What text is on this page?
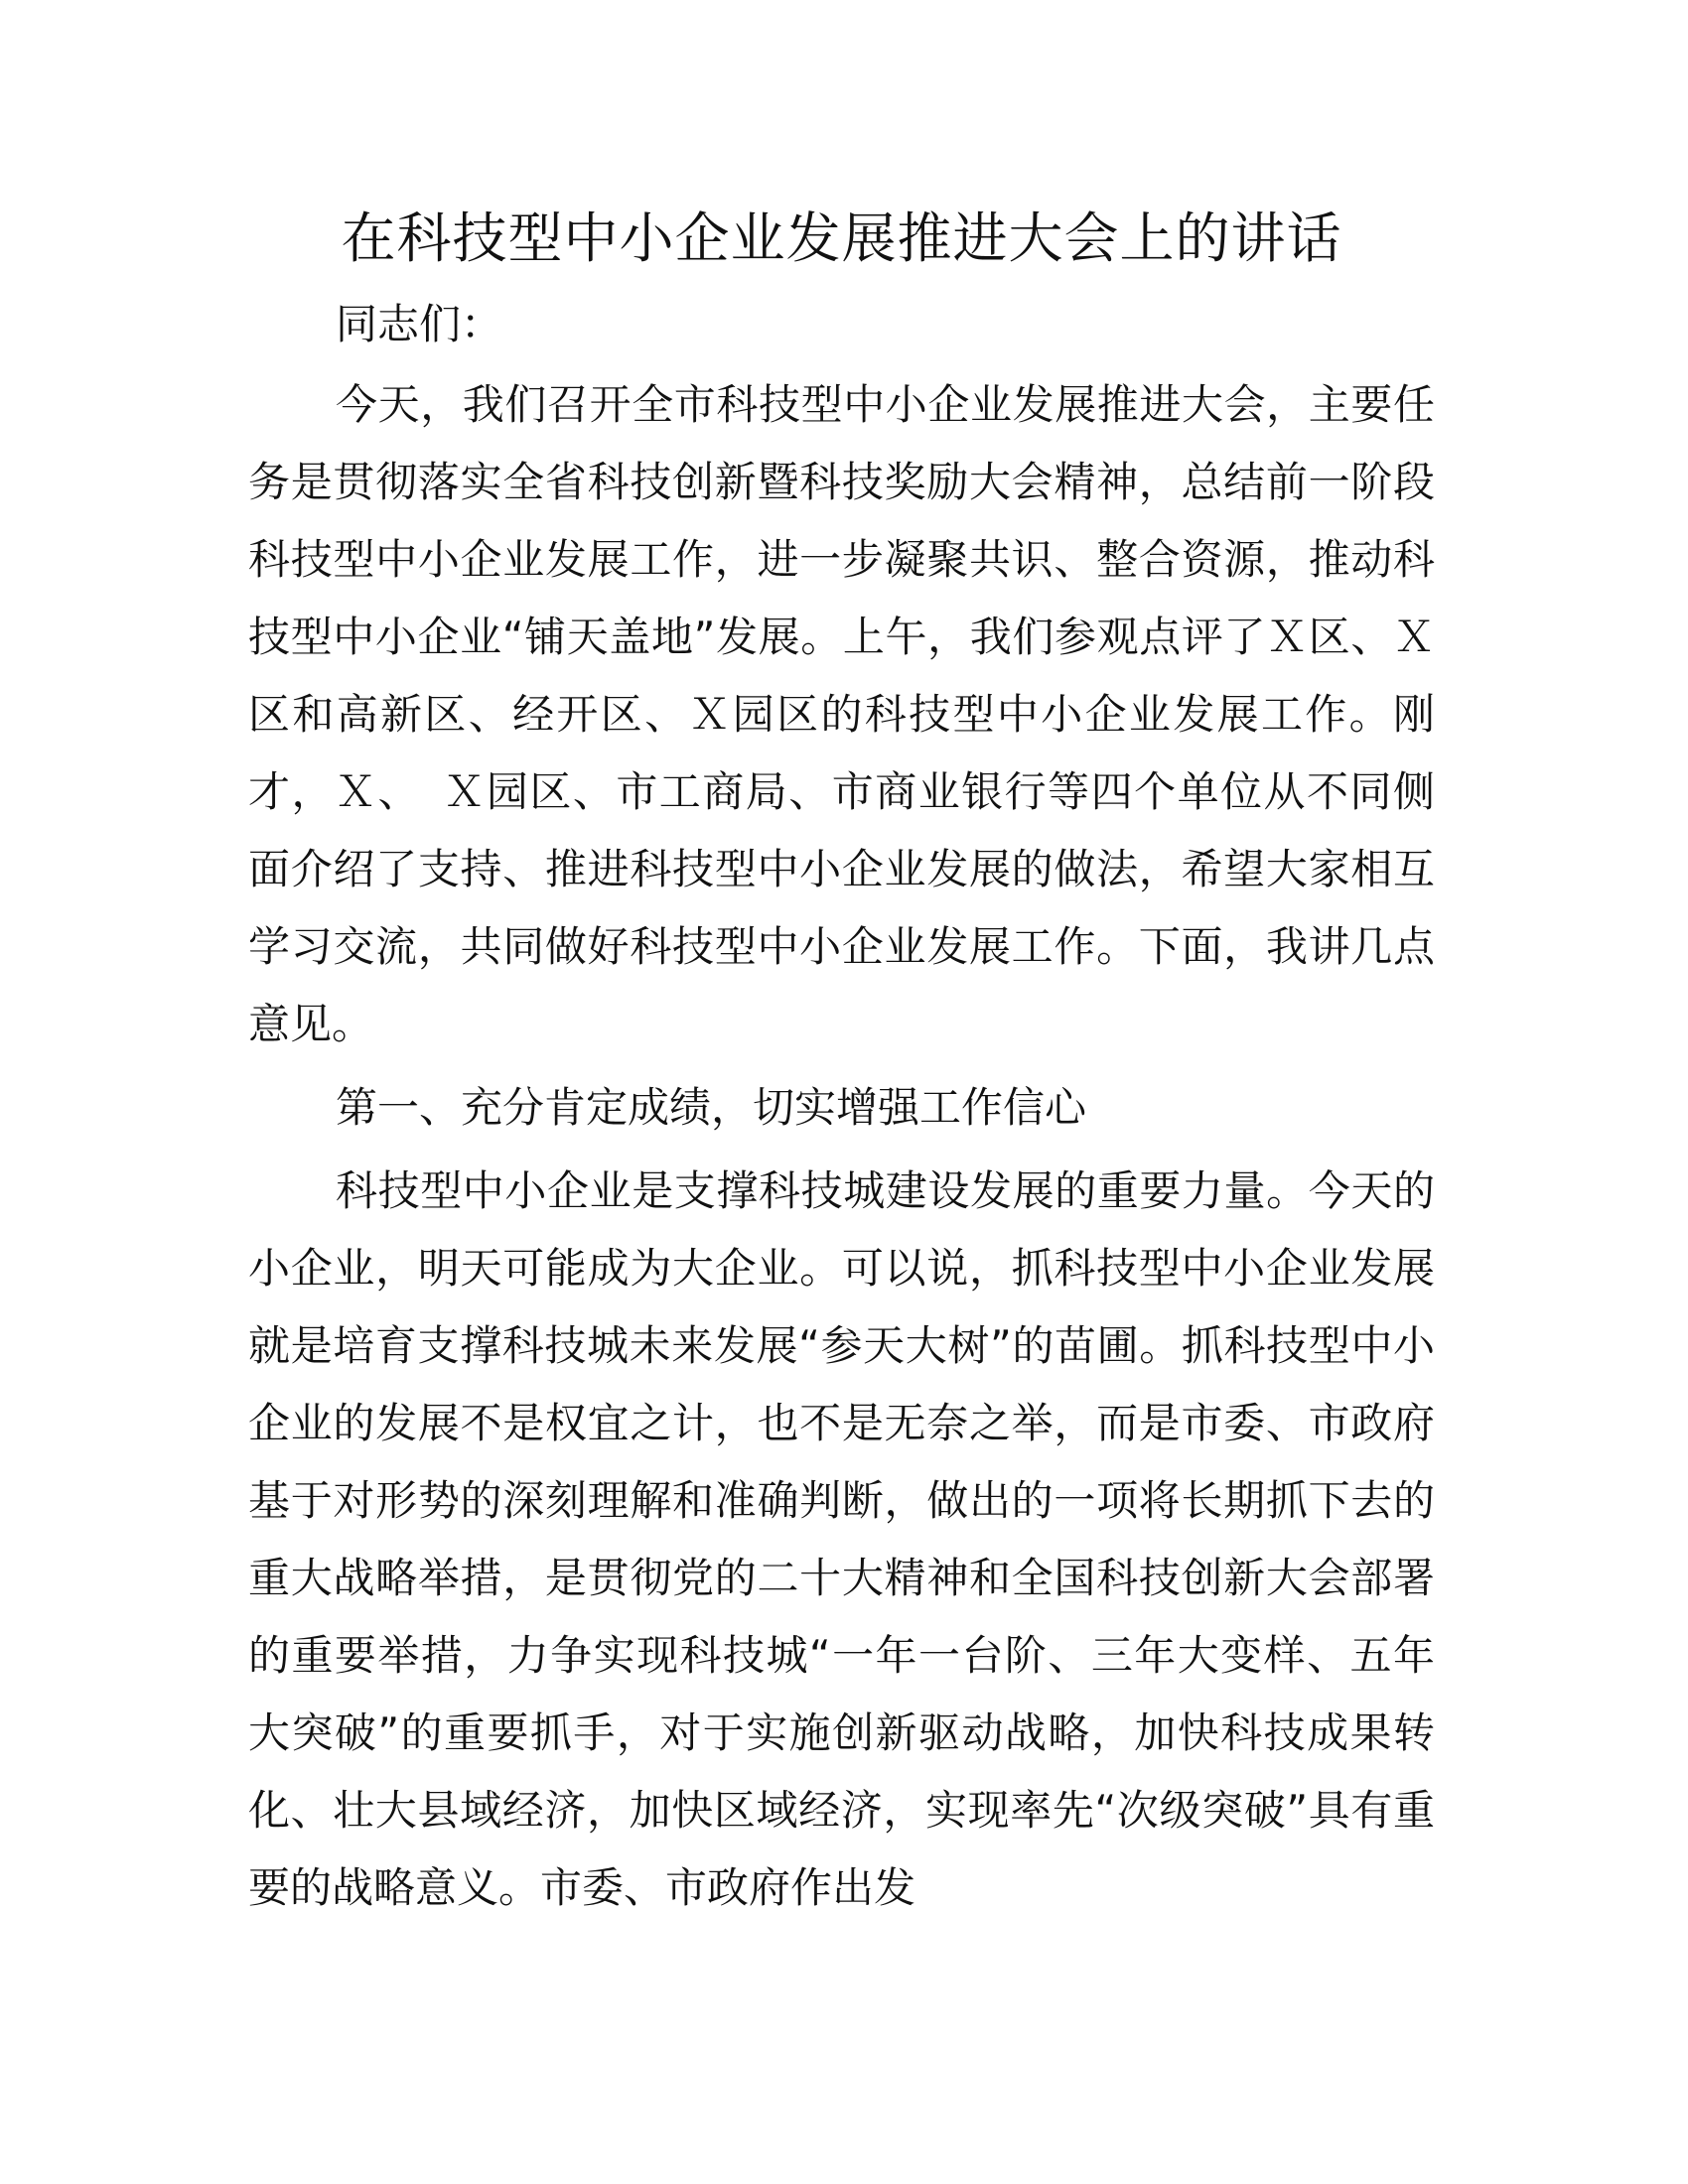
在科技型中小企业发展推进大会上的讲话

同志们：

今天，我们召开全市科技型中小企业发展推进大会，主要任务是贯彻落实全省科技创新暨科技奖励大会精神，总结前一阶段科技型中小企业发展工作，进一步凝聚共识、整合资源，推动科技型中小企业“铺天盖地”发展。上午，我们参观点评了Ｘ区、Ｘ区和高新区、经开区、Ｘ园区的科技型中小企业发展工作。刚才，Ｘ、　Ｘ园区、市工商局、市商业银行等四个单位从不同侧面介绍了支持、推进科技型中小企业发展的做法，希望大家相互学习交流，共同做好科技型中小企业发展工作。下面，我讲几点意见。

第一、充分肯定成绩，切实增强工作信心

科技型中小企业是支撑科技城建设发展的重要力量。今天的小企业，明天可能成为大企业。可以说，抓科技型中小企业发展就是培育支撑科技城未来发展“参天大树”的苗圃。抓科技型中小企业的发展不是权宜之计，也不是无奈之举，而是市委、市政府基于对形势的深刻理解和准确判断，做出的一项将长期抓下去的重大战略举措，是贯彻党的二十大精神和全国科技创新大会部署的重要举措，力争实现科技城“一年一台阶、三年大变样、五年大突破”的重要抓手，对于实施创新驱动战略，加快科技成果转化、壮大县域经济，加快区域经济，实现率先“次级突破”具有重要的战略意义。市委、市政府作出发
